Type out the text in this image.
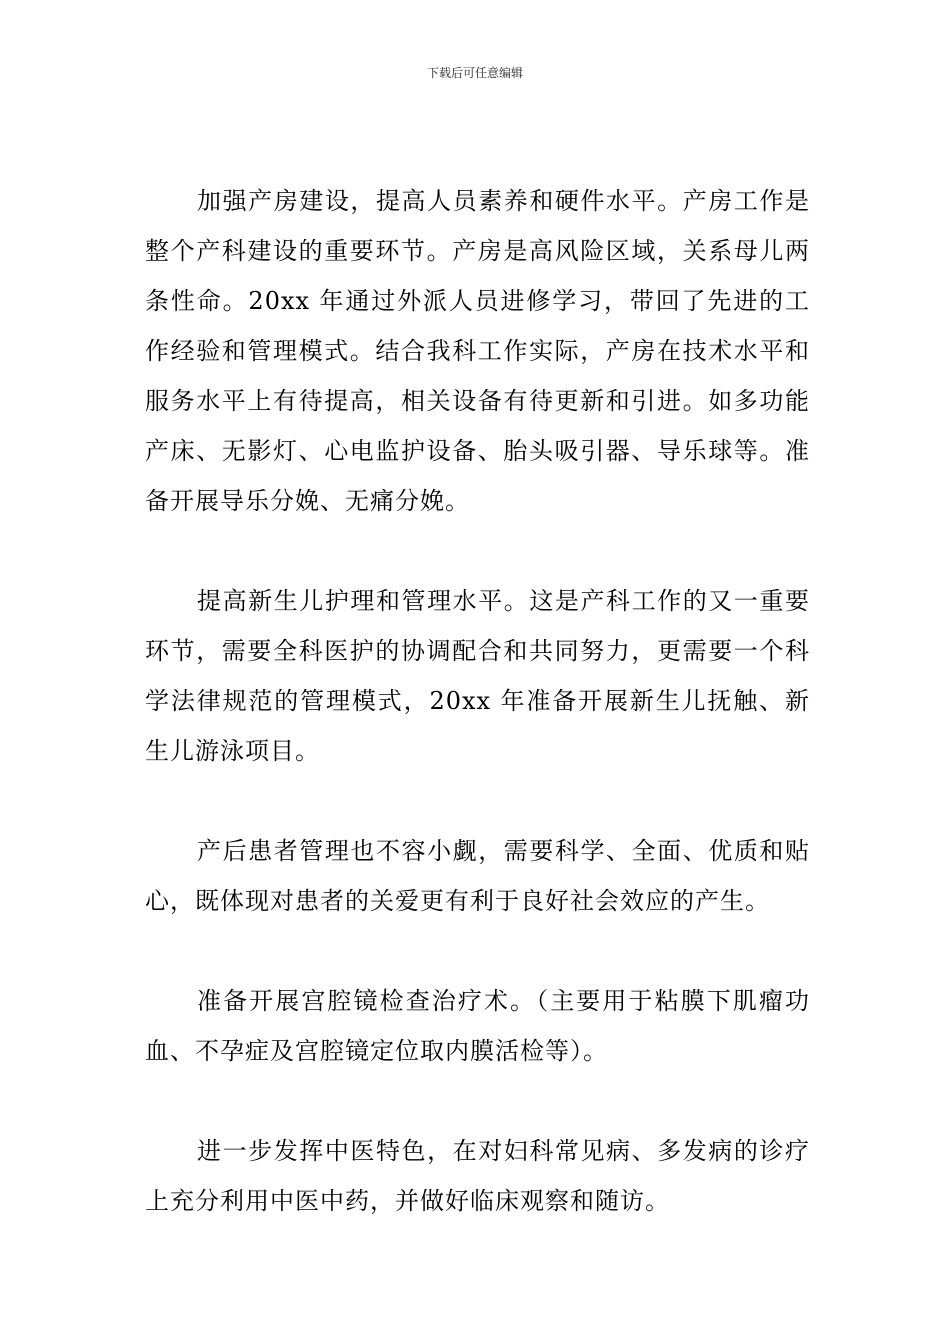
下载后可任意编辑

加强产房建设，提高人员素养和硬件水平。产房工作是整个产科建设的重要环节。产房是高风险区域，关系母儿两条性命。20xx 年通过外派人员进修学习，带回了先进的工作经验和管理模式。结合我科工作实际，产房在技术水平和服务水平上有待提高，相关设备有待更新和引进。如多功能产床、无影灯、心电监护设备、胎头吸引器、导乐球等。准备开展导乐分娩、无痛分娩。

提高新生儿护理和管理水平。这是产科工作的又一重要环节，需要全科医护的协调配合和共同努力，更需要一个科学法律规范的管理模式，20xx 年准备开展新生儿抚触、新生儿游泳项目。

产后患者管理也不容小觑，需要科学、全面、优质和贴心，既体现对患者的关爱更有利于良好社会效应的产生。

准备开展宫腔镜检查治疗术。（主要用于粘膜下肌瘤功血、不孕症及宫腔镜定位取内膜活检等）。

进一步发挥中医特色，在对妇科常见病、多发病的诊疗上充分利用中医中药，并做好临床观察和随访。
